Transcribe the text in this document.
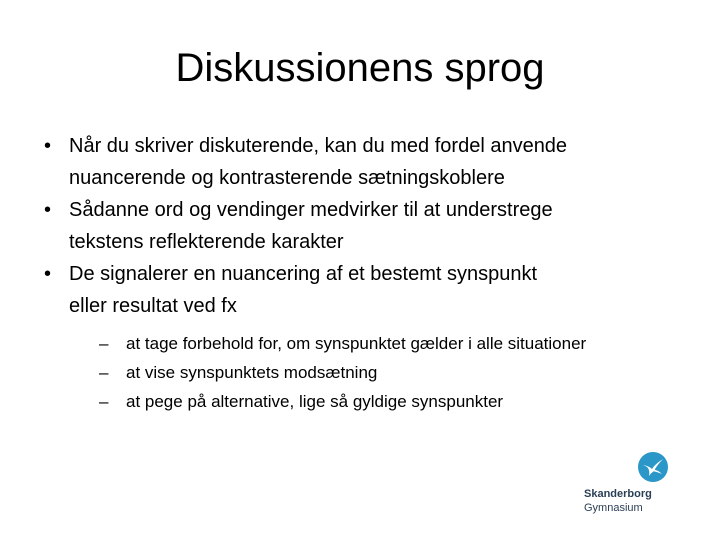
Diskussionens sprog
• Når du skriver diskuterende, kan du med fordel anvende
nuancerende og kontrasterende sætningskoblere
• Sådanne ord og vendinger medvirker til at understrege
tekstens reflekterende karakter
• De signalerer en nuancering af et bestemt synspunkt
eller resultat ved fx
– at tage forbehold for, om synspunktet gælder i alle situationer
– at vise synspunktets modsætning
– at pege på alternative, lige så gyldige synspunkter
Skanderborg
Gymnasium
